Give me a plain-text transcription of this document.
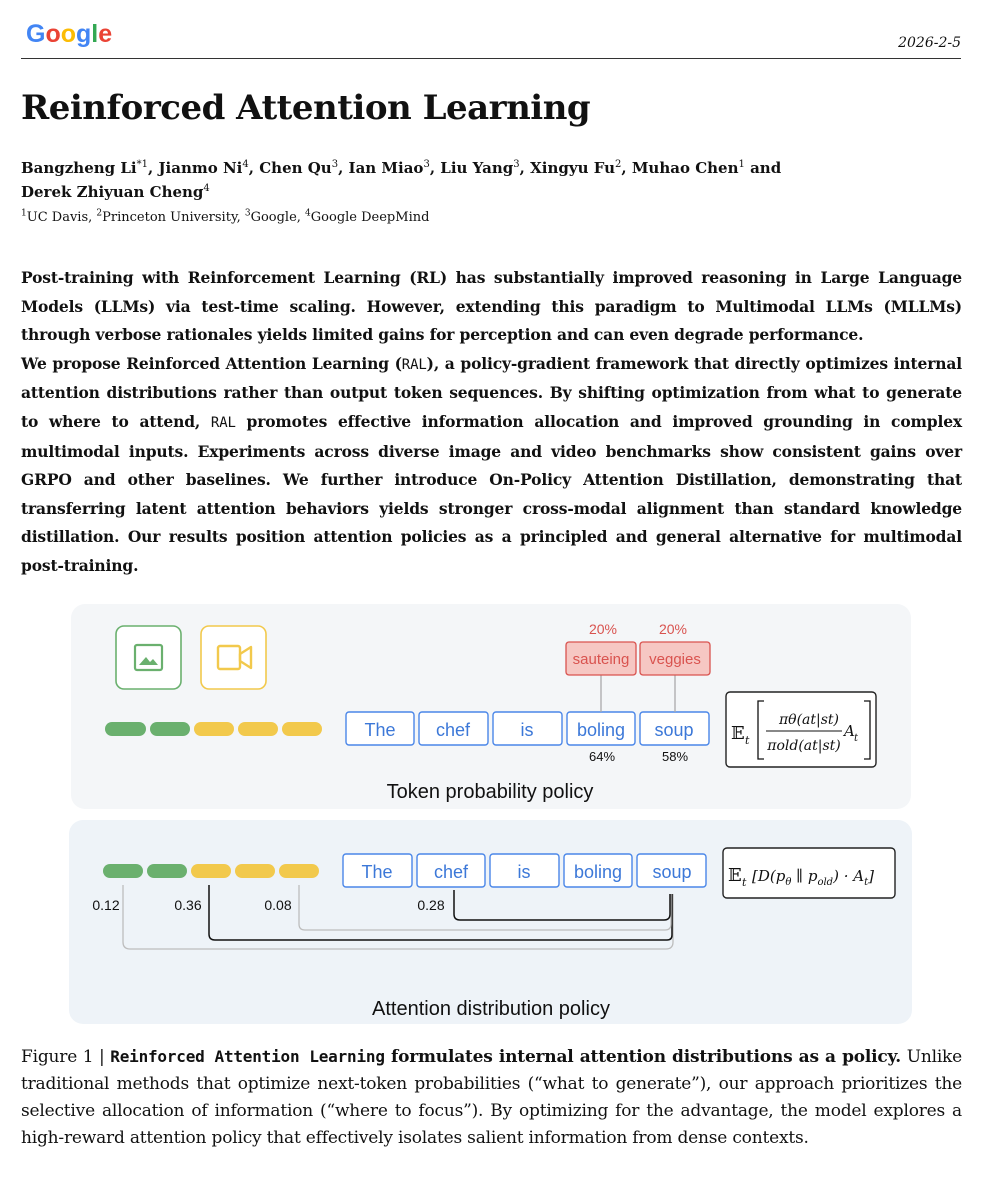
Google	2026-2-5
Reinforced Attention Learning
Bangzheng Li$^{*1}$, Jianmo Ni$^4$, Chen Qu$^3$, Ian Miao$^3$, Liu Yang$^3$, Xingyu Fu$^2$, Muhao Chen$^1$ and
Derek Zhiyuan Cheng$^4$
$^1$UC Davis, $^2$Princeton University, $^3$Google, $^4$Google DeepMind

Post-training with Reinforcement Learning (RL) has substantially improved reasoning in Large Language Models (LLMs) via test-time scaling. However, extending this paradigm to Multimodal LLMs (MLLMs) through verbose rationales yields limited gains for perception and can even degrade performance.

We propose Reinforced Attention Learning (RAL), a policy-gradient framework that directly optimizes internal attention distributions rather than output token sequences. By shifting optimization from what to generate to where to attend, RAL promotes effective information allocation and improved grounding in complex multimodal inputs. Experiments across diverse image and video benchmarks show consistent gains over GRPO and other baselines. We further introduce On-Policy Attention Distillation, demonstrating that transferring latent attention behaviors yields stronger cross-modal alignment than standard knowledge distillation. Our results position attention policies as a principled and general alternative for multimodal post-training.

The chef	is boling soup
64%	58%
sauteing veggies
20%	20%
𝔼 t
πθ(at|st)
πold(at|st)
A t
Token probability policy
The chef	is boling soup
0.12	0.36	0.08	0.28
𝔼 t [$D(p_\theta$ ∥ $p_{old}) \cdot A_t$]
Attention distribution policy
Figure 1 | Reinforced Attention Learning formulates internal attention distributions as a policy. Unlike traditional methods that optimize next-token probabilities (“what to generate”), our approach prioritizes the selective allocation of information (“where to focus”). By optimizing for the advantage, the model explores a high-reward attention policy that effectively isolates salient information from dense contexts.
